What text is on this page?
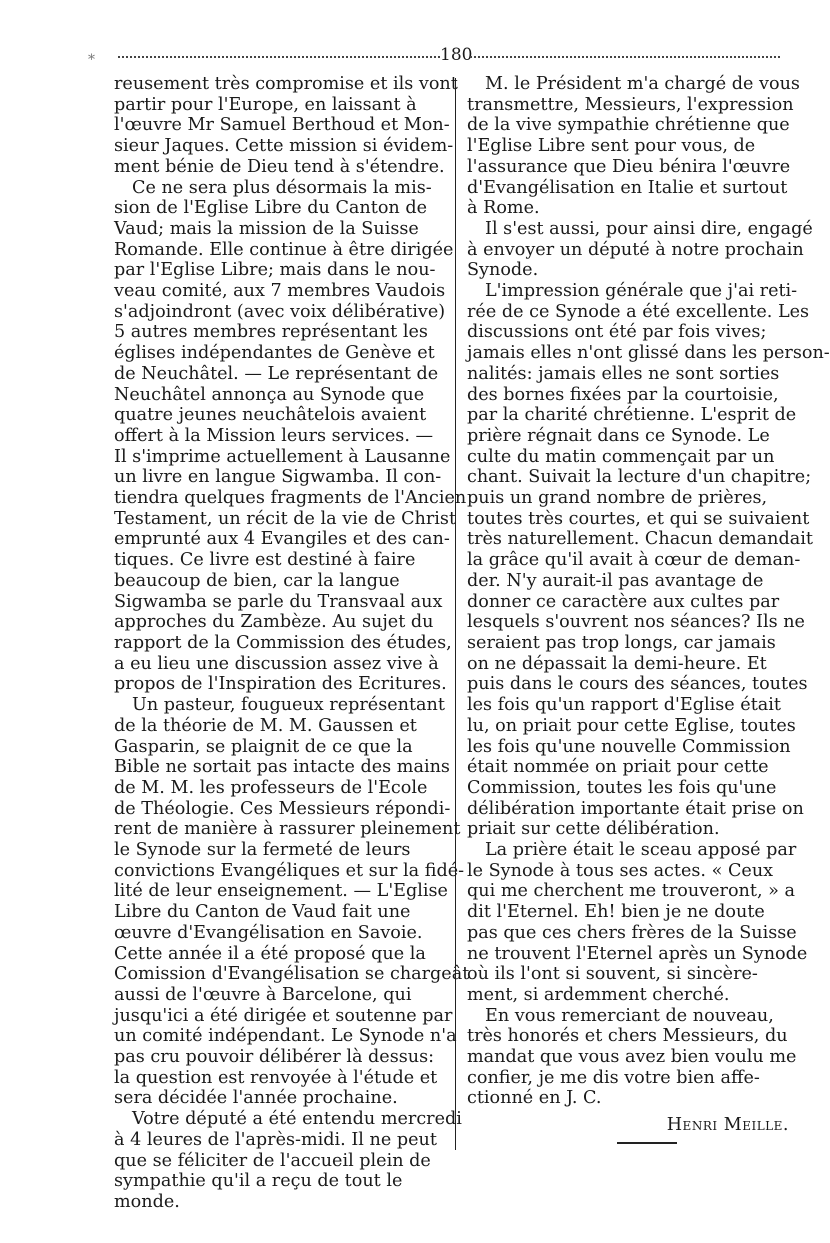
*	180
reusement très compromise et ils vont
partir pour l'Europe, en laissant à
l'œuvre Mr Samuel Berthoud et Mon-
sieur Jaques. Cette mission si évidem-
ment bénie de Dieu tend à s'étendre.
Ce ne sera plus désormais la mis-
sion de l'Eglise Libre du Canton de
Vaud; mais la mission de la Suisse
Romande. Elle continue à être dirigée
par l'Eglise Libre; mais dans le nou-
veau comité, aux 7 membres Vaudois
s'adjoindront (avec voix délibérative)
5 autres membres représentant les
églises indépendantes de Genève et
de Neuchâtel. — Le représentant de
Neuchâtel annonça au Synode que
quatre jeunes neuchâtelois avaient
offert à la Mission leurs services. —
Il s'imprime actuellement à Lausanne
un livre en langue Sigwamba. Il con-
tiendra quelques fragments de l'Ancien
Testament, un récit de la vie de Christ
emprunté aux 4 Evangiles et des can-
tiques. Ce livre est destiné à faire
beaucoup de bien, car la langue
Sigwamba se parle du Transvaal aux
approches du Zambèze. Au sujet du
rapport de la Commission des études,
a eu lieu une discussion assez vive à
propos de l'Inspiration des Ecritures.
Un pasteur, fougueux représentant
de la théorie de M. M. Gaussen et
Gasparin, se plaignit de ce que la
Bible ne sortait pas intacte des mains
de M. M. les professeurs de l'Ecole
de Théologie. Ces Messieurs répondi-
rent de manière à rassurer pleinement
le Synode sur la fermeté de leurs
convictions Evangéliques et sur la fidé-
lité de leur enseignement. — L'Eglise
Libre du Canton de Vaud fait une
œuvre d'Evangélisation en Savoie.
Cette année il a été proposé que la
Comission d'Evangélisation se chargeât
aussi de l'œuvre à Barcelone, qui
jusqu'ici a été dirigée et soutenne par
un comité indépendant. Le Synode n'a
pas cru pouvoir délibérer là dessus:
la question est renvoyée à l'étude et
sera décidée l'année prochaine.
Votre député a été entendu mercredi
à 4 leures de l'après-midi. Il ne peut
que se féliciter de l'accueil plein de
sympathie qu'il a reçu de tout le
monde.
M. le Président m'a chargé de vous
transmettre, Messieurs, l'expression
de la vive sympathie chrétienne que
l'Eglise Libre sent pour vous, de
l'assurance que Dieu bénira l'œuvre
d'Evangélisation en Italie et surtout
à Rome.
Il s'est aussi, pour ainsi dire, engagé
à envoyer un député à notre prochain
Synode.
L'impression générale que j'ai reti-
rée de ce Synode a été excellente. Les
discussions ont été par fois vives;
jamais elles n'ont glissé dans les person-
nalités: jamais elles ne sont sorties
des bornes fixées par la courtoisie,
par la charité chrétienne. L'esprit de
prière régnait dans ce Synode. Le
culte du matin commençait par un
chant. Suivait la lecture d'un chapitre;
puis un grand nombre de prières,
toutes très courtes, et qui se suivaient
très naturellement. Chacun demandait
la grâce qu'il avait à cœur de deman-
der. N'y aurait-il pas avantage de
donner ce caractère aux cultes par
lesquels s'ouvrent nos séances? Ils ne
seraient pas trop longs, car jamais
on ne dépassait la demi-heure. Et
puis dans le cours des séances, toutes
les fois qu'un rapport d'Eglise était
lu, on priait pour cette Eglise, toutes
les fois qu'une nouvelle Commission
était nommée on priait pour cette
Commission, toutes les fois qu'une
délibération importante était prise on
priait sur cette délibération.
La prière était le sceau apposé par
le Synode à tous ses actes. « Ceux
qui me cherchent me trouveront, » a
dit l'Eternel. Eh! bien je ne doute
pas que ces chers frères de la Suisse
ne trouvent l'Eternel après un Synode
où ils l'ont si souvent, si sincère-
ment, si ardemment cherché.
En vous remerciant de nouveau,
très honorés et chers Messieurs, du
mandat que vous avez bien voulu me
confier, je me dis votre bien affe-
ctionné en J. C.
Henri Meille.
